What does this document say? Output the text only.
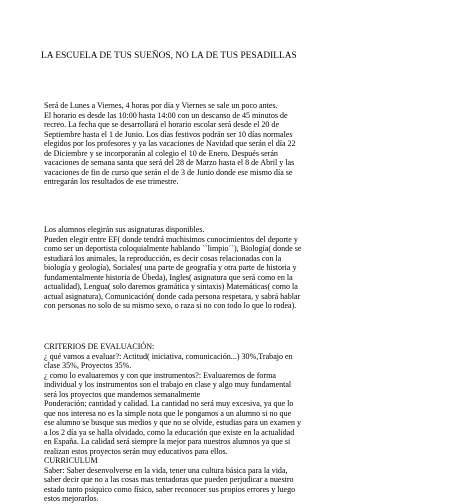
LA ESCUELA DE TUS SUEÑOS, NO LA DE TUS PESADILLAS

Será de Lunes a Viernes, 4 horas por día y Viernes se sale un poco antes.
El horario es desde las 10:00 hasta 14:00 con un descanso de 45 minutos de
recreo. La fecha que se desarrollará el horario escolar será desde el 20 de
Septiembre hasta el 1 de Junio. Los días festivos podrán ser 10 días normales
elegidos por los profesores y ya las vacaciones de Navidad que serán el día 22
de Diciembre y se incorporarán al colegio el 10 de Enero. Después serán
vacaciones de semana santa que será del 28 de Marzo hasta el 8 de Abril y las
vacaciones de fin de curso que serán el de 3 de Junio donde ese mismo día se
entregarán los resultados de ese trimestre.

Los alumnos elegirán sus asignaturas disponibles.
Pueden elegir entre EF( donde tendrá muchisimos conocimientos del deporte y
como ser un deportista coloquialmente hablando ``limpio´´), Biología( donde se
estudiará los animales, la reproducción, es decir cosas relacionadas con la
biología y geología), Sociales( una parte de geografía y otra parte de historia y
fundamentalmente historia de Úbeda), Ingles( asignatura que será como en la
actualidad), Lengua( solo daremos gramática y sintaxis) Matemáticas( como la
actual asignatura), Comunicación( donde cada persona respetara, y sabrá hablar
con personas no solo de su mismo sexo, o raza si no con todo lo que lo rodea).

CRITERIOS DE EVALUACIÓN:
¿ qué vamos a evaluar?: Actitud( iniciativa, comunicación...) 30%,Trabajo en
clase 35%, Proyectos 35%.
¿ como lo evaluaremos y con que instrumentos?: Evaluaremos de forma
individual y los instrumentos son el trabajo en clase y algo muy fundamental
será los proyectos que mandemos semanalmente
Ponderación; cantidad y calidad. La cantidad no será muy excesiva, ya que lo
que nos interesa no es la simple nota que le pongamos a un alumno si no que
ese alumno se busque sus medios y que no se olvide, estudias para un examen y
a los 2 día ya se halla olvidado, como la educación que existe en la actualidad
en España. La calidad será siempre la mejor para nuestros alumnos ya que si
realizan estos proyectos serán muy educativos para ellos.
CURRICULUM
Saber: Saber desenvolverse en la vida, tener una cultura básica para la vida,
saber decir que no a las cosas mas tentadoras que pueden perjudicar a nuestro
estado tanto psiquico como físico, saber reconocer sus propios errores y luego
estos mejorarlos.
